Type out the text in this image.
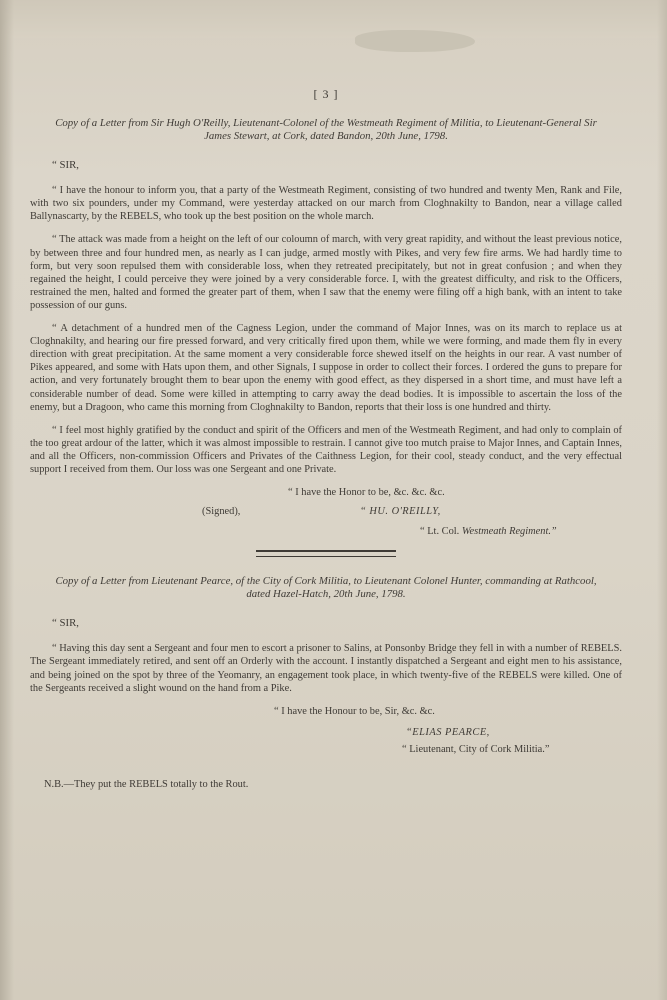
[ 3 ]
Copy of a Letter from Sir Hugh O'Reilly, Lieutenant-Colonel of the Westmeath Regiment of Militia, to Lieutenant-General Sir James Stewart, at Cork, dated Bandon, 20th June, 1798.
“ SIR,

“ I have the honour to inform you, that a party of the Westmeath Regiment, consisting of two hundred and twenty Men, Rank and File, with two six pounders, under my Command, were yesterday attacked on our march from Cloghnakilty to Bandon, near a village called Ballynascarty, by the REBELS, who took up the best position on the whole march.

“ The attack was made from a height on the left of our coloumn of march, with very great rapidity, and without the least previous notice, by between three and four hundred men, as nearly as I can judge, armed mostly with Pikes, and very few fire arms. We had hardly time to form, but very soon repulsed them with considerable loss, when they retreated precipitately, but not in great confusion ; and when they regained the height, I could perceive they were joined by a very considerable force. I, with the greatest difficulty, and risk to the Officers, restrained the men, halted and formed the greater part of them, when I saw that the enemy were filing off a high bank, with an intent to take possession of our guns.

“ A detachment of a hundred men of the Cagness Legion, under the command of Major Innes, was on its march to replace us at Cloghnakilty, and hearing our fire pressed forward, and very critically fired upon them, while we were forming, and made them fly in every direction with great precipitation. At the same moment a very considerable force shewed itself on the heights in our rear. A vast number of Pikes appeared, and some with Hats upon them, and other Signals, I suppose in order to collect their forces. I ordered the guns to prepare for action, and very fortunately brought them to bear upon the enemy with good effect, as they dispersed in a short time, and must have left a considerable number of dead. Some were killed in attempting to carry away the dead bodies. It is impossible to ascertain the loss of the enemy, but a Dragoon, who came this morning from Cloghnakilty to Bandon, reports that their loss is one hundred and thirty.

“ I feel most highly gratified by the conduct and spirit of the Officers and men of the Westmeath Regiment, and had only to complain of the too great ardour of the latter, which it was almost impossible to restrain. I cannot give too mutch praise to Major Innes, and Captain Innes, and all the Officers, non-commission Officers and Privates of the Caithness Legion, for their cool, steady conduct, and the very effectual support I received from them. Our loss was one Sergeant and one Private.

“ I have the Honor to be, &c. &c. &c.
(Signed),	“ HU. O'REILLY,
“ Lt. Col. Westmeath Regiment.”
Copy of a Letter from Lieutenant Pearce, of the City of Cork Militia, to Lieutenant Colonel Hunter, commanding at Rathcool, dated Hazel-Hatch, 20th June, 1798.
“ SIR,

“ Having this day sent a Sergeant and four men to escort a prisoner to Salins, at Ponsonby Bridge they fell in with a number of REBELS. The Sergeant immediately retired, and sent off an Orderly with the account. I instantly dispatched a Sergeant and eight men to his assistance, and being joined on the spot by three of the Yeomanry, an engagement took place, in which twenty-five of the REBELS were killed. One of the Sergeants received a slight wound on the hand from a Pike.

“ I have the Honour to be, Sir, &c. &c.
“ELIAS PEARCE,
“ Lieutenant, City of Cork Militia.”
N.B.—They put the REBELS totally to the Rout.
